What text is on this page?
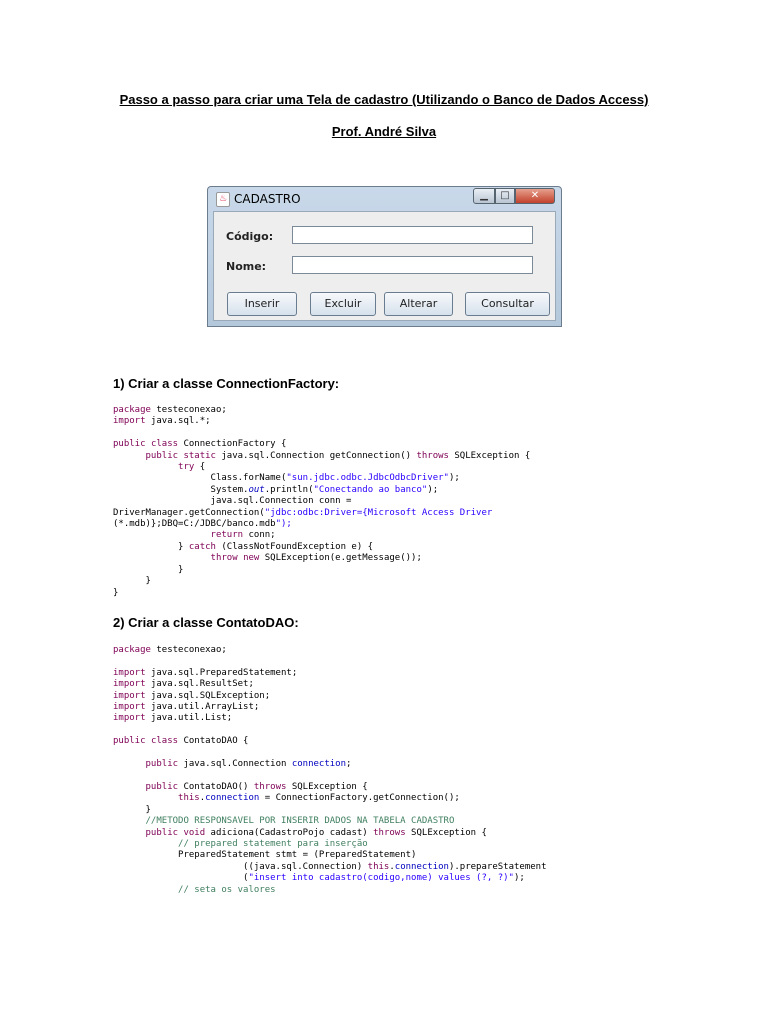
Passo a passo para criar uma Tela de cadastro (Utilizando o Banco de Dados Access)
Prof. André Silva
♨ CADASTRO	▁	□	✕
Código:
Nome:
Inserir	Excluir	Alterar	Consultar
1) Criar a classe ConnectionFactory:
package testeconexao;
import java.sql.*;

public class ConnectionFactory {
public static java.sql.Connection getConnection() throws SQLException {
try {
Class.forName("sun.jdbc.odbc.JdbcOdbcDriver");
System.out.println("Conectando ao banco");
java.sql.Connection conn =
DriverManager.getConnection("jdbc:odbc:Driver={Microsoft Access Driver
(*.mdb)};DBQ=C:/JDBC/banco.mdb");
return conn;
} catch (ClassNotFoundException e) {
throw new SQLException(e.getMessage());
}
}
}
2) Criar a classe ContatoDAO:
package testeconexao;

import java.sql.PreparedStatement;
import java.sql.ResultSet;
import java.sql.SQLException;
import java.util.ArrayList;
import java.util.List;

public class ContatoDAO {

public java.sql.Connection connection;

public ContatoDAO() throws SQLException {
this.connection = ConnectionFactory.getConnection();
}
//METODO RESPONSAVEL POR INSERIR DADOS NA TABELA CADASTRO
public void adiciona(CadastroPojo cadast) throws SQLException {
// prepared statement para inserção
PreparedStatement stmt = (PreparedStatement)
((java.sql.Connection) this.connection).prepareStatement
("insert into cadastro(codigo,nome) values (?, ?)");
// seta os valores
